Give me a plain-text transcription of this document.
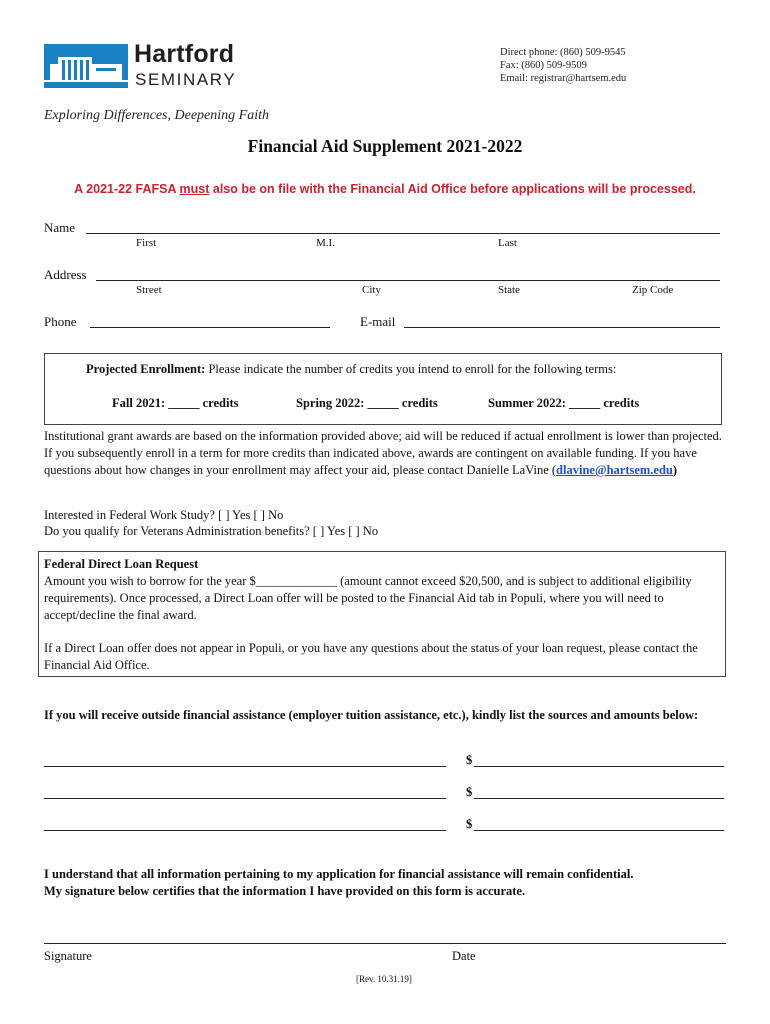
Hartford
SEMINARY
Exploring Differences, Deepening Faith
Direct phone: (860) 509-9545
Fax: (860) 509-9509
Email: registrar@hartsem.edu
Financial Aid Supplement 2021-2022
A 2021-22 FAFSA must also be on file with the Financial Aid Office before applications will be processed.
Name
First	M.I.	Last
Address
Street	City	State	Zip Code
Phone	E-mail
Projected Enrollment: Please indicate the number of credits you intend to enroll for the following terms:
Fall 2021: _____ credits	Spring 2022: _____ credits	Summer 2022: _____ credits
Institutional grant awards are based on the information provided above; aid will be reduced if actual enrollment is lower than projected. If you subsequently enroll in a term for more credits than indicated above, awards are contingent on available funding. If you have questions about how changes in your enrollment may affect your aid, please contact Danielle LaVine (dlavine@hartsem.edu)
Interested in Federal Work Study? [ ] Yes [ ] No
Do you qualify for Veterans Administration benefits? [ ] Yes [ ] No
Federal Direct Loan Request
Amount you wish to borrow for the year $_____________ (amount cannot exceed $20,500, and is subject to additional eligibility requirements). Once processed, a Direct Loan offer will be posted to the Financial Aid tab in Populi, where you will need to accept/decline the final award.
If a Direct Loan offer does not appear in Populi, or you have any questions about the status of your loan request, please contact the Financial Aid Office.
If you will receive outside financial assistance (employer tuition assistance, etc.), kindly list the sources and amounts below:
$
$
$
I understand that all information pertaining to my application for financial assistance will remain confidential.
My signature below certifies that the information I have provided on this form is accurate.
Signature	Date
[Rev. 10.31.19]
